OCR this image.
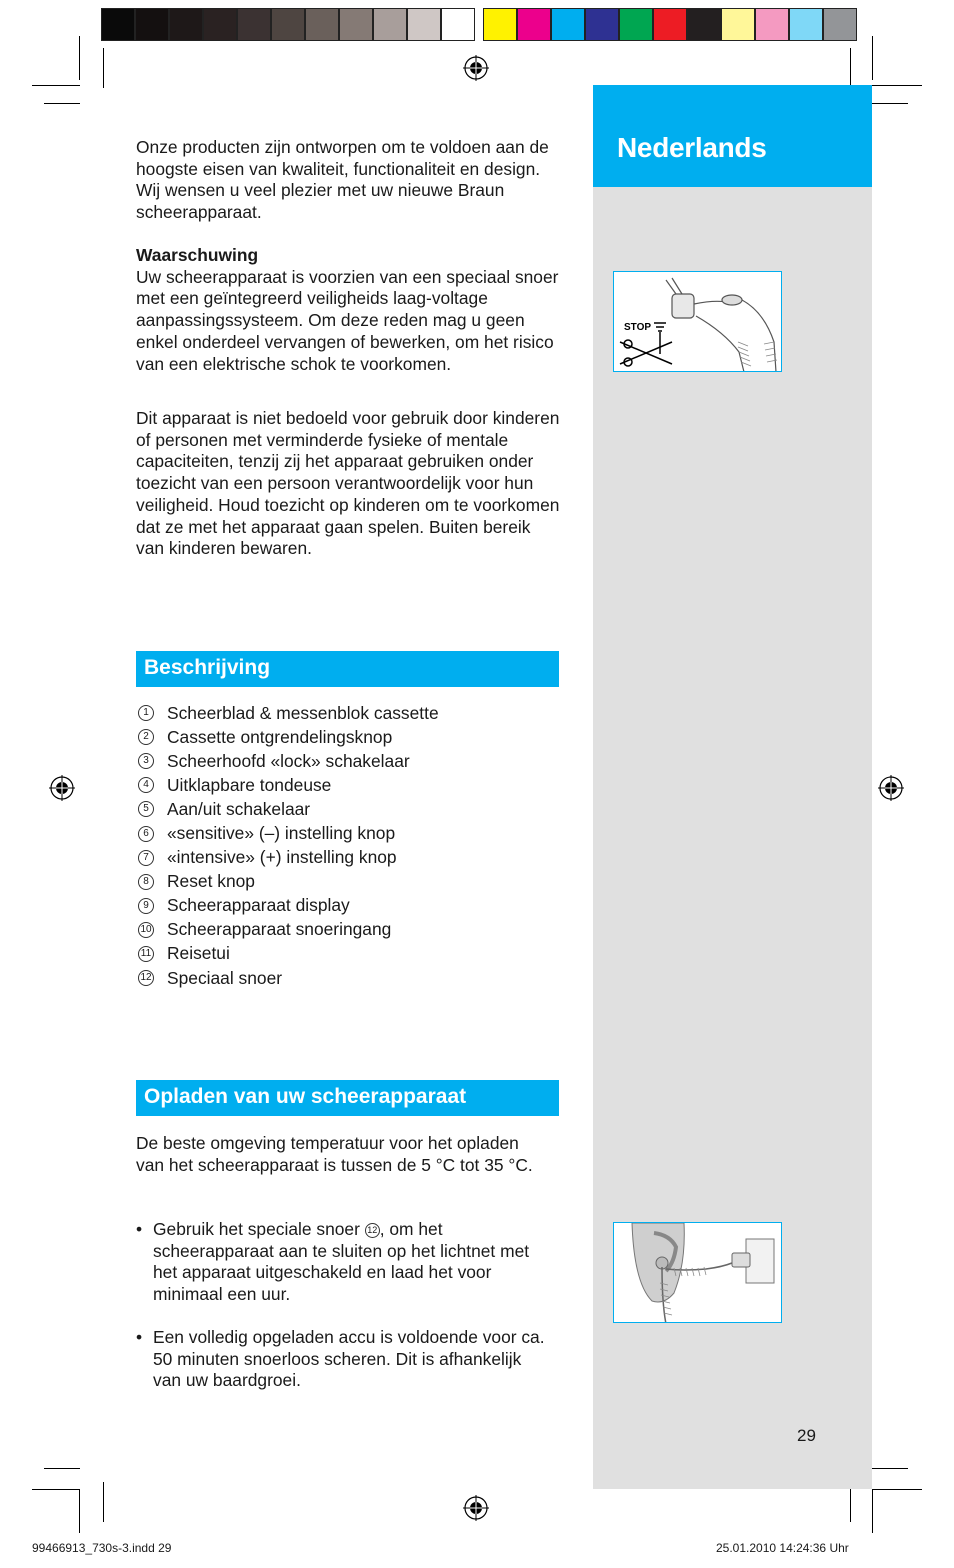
Nederlands
STOP
29
Onze producten zijn ontworpen om te voldoen aan de hoogste eisen van kwaliteit, functionaliteit en design. Wij wensen u veel plezier met uw nieuwe Braun scheerapparaat.
Waarschuwing
Uw scheerapparaat is voorzien van een speciaal snoer met een geïntegreerd veiligheids laag-voltage aanpassingssysteem. Om deze reden mag u geen enkel onderdeel vervangen of bewerken, om het risico van een elektrische schok te voorkomen.
Dit apparaat is niet bedoeld voor gebruik door kinderen of personen met verminderde fysieke of mentale capaciteiten, tenzij zij het apparaat gebruiken onder toezicht van een persoon verantwoordelijk voor hun veiligheid. Houd toezicht op kinderen om te voorkomen dat ze met het apparaat gaan spelen. Buiten bereik van kinderen bewaren.
Beschrijving
1 Scheerblad & messenblok cassette
2 Cassette ontgrendelingsknop
3 Scheerhoofd «lock» schakelaar
4 Uitklapbare tondeuse
5 Aan/uit schakelaar
6 «sensitive» (–) instelling knop
7 «intensive» (+) instelling knop
8 Reset knop
9 Scheerapparaat display
10 Scheerapparaat snoeringang
11 Reisetui
12 Speciaal snoer
Opladen van uw scheerapparaat
De beste omgeving temperatuur voor het opladen van het scheerapparaat is tussen de 5 °C tot 35 °C.
• Gebruik het speciale snoer 12 , om het scheerapparaat aan te sluiten op het lichtnet met het apparaat uitgeschakeld en laad het voor minimaal een uur.
• Een volledig opgeladen accu is voldoende voor ca. 50 minuten snoerloos scheren. Dit is afhankelijk van uw baardgroei.
99466913_730s-3.indd 29	25.01.2010 14:24:36 Uhr
